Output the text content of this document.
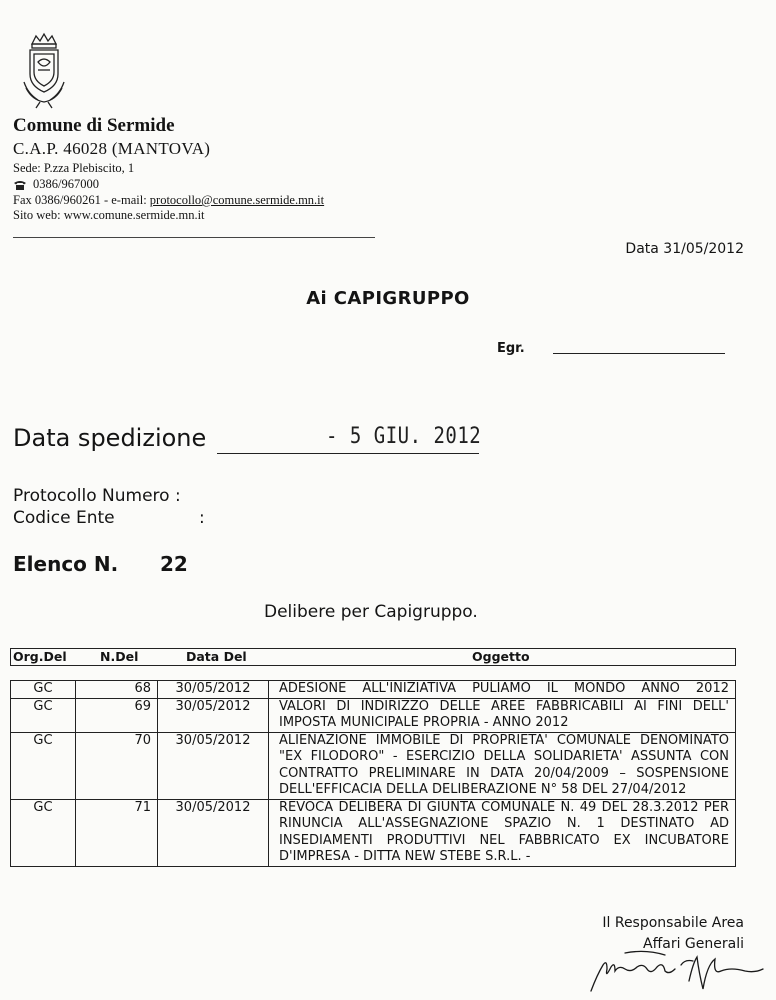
Comune di Sermide
C.A.P. 46028 (MANTOVA)
Sede: P.zza Plebiscito, 1
0386/967000
Fax 0386/960261 - e-mail: protocollo@comune.sermide.mn.it
Sito web: www.comune.sermide.mn.it
Data 31/05/2012
Ai CAPIGRUPPO
Egr.
Data spedizione	- 5 GIU. 2012
Protocollo Numero :
Codice Ente	:
Elenco N. 22
Delibere per Capigruppo.
Org.Del	N.Del	Data Del	Oggetto
GC	68	30/05/2012	ADESIONE ALL'INIZIATIVA PULIAMO IL MONDO ANNO 2012
GC	69	30/05/2012	VALORI DI INDIRIZZO DELLE AREE FABBRICABILI AI FINI DELL' IMPOSTA MUNICIPALE PROPRIA - ANNO 2012
GC	70	30/05/2012	ALIENAZIONE IMMOBILE DI PROPRIETA' COMUNALE DENOMINATO "EX FILODORO" - ESERCIZIO DELLA SOLIDARIETA' ASSUNTA CON CONTRATTO PRELIMINARE IN DATA 20/04/2009 – SOSPENSIONE DELL'EFFICACIA DELLA DELIBERAZIONE N° 58 DEL 27/04/2012
GC	71	30/05/2012	REVOCA DELIBERA DI GIUNTA COMUNALE N. 49 DEL 28.3.2012 PER RINUNCIA ALL'ASSEGNAZIONE SPAZIO N. 1 DESTINATO AD INSEDIAMENTI PRODUTTIVI NEL FABBRICATO EX INCUBATORE D'IMPRESA - DITTA NEW STEBE S.R.L. -
Il Responsabile Area
Affari Generali
